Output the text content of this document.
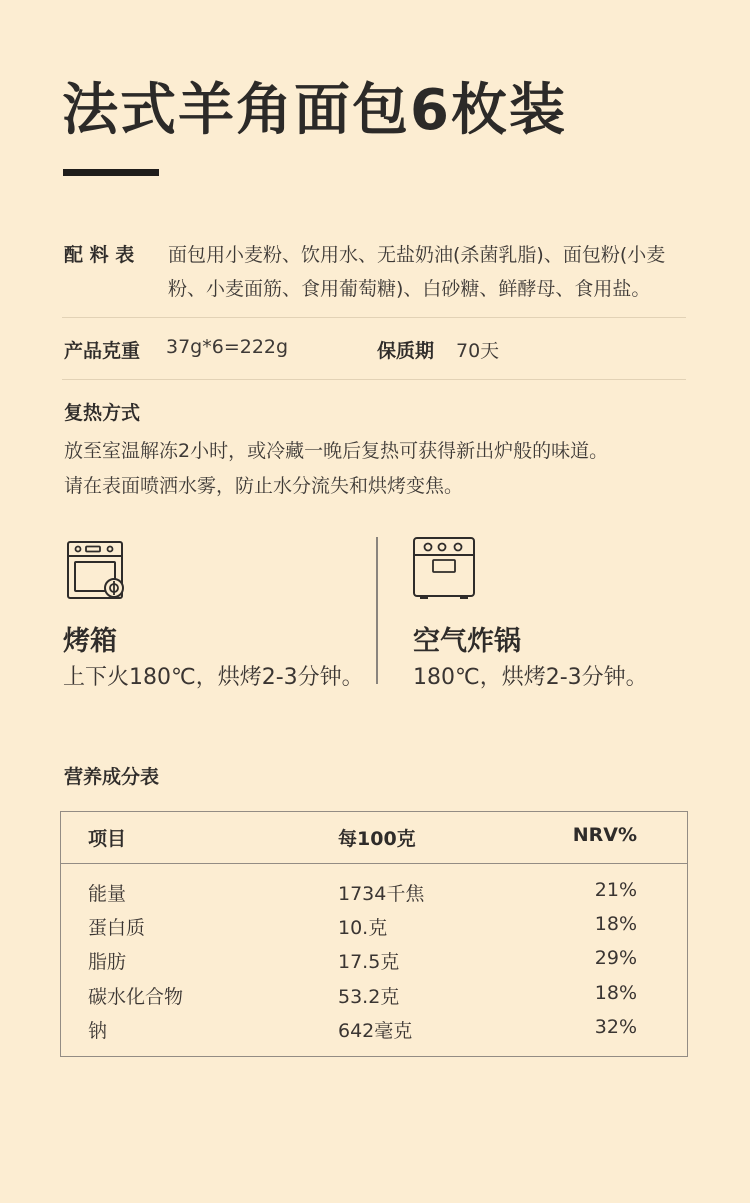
法式羊角面包6枚装
配 料 表 面包用小麦粉、饮用水、无盐奶油(杀菌乳脂)、面包粉(小麦
粉、小麦面筋、食用葡萄糖)、白砂糖、鲜酵母、食用盐。
产品克重 37g*6=222g	保质期 70天
复热方式
放至室温解冻2小时，或冷藏一晚后复热可获得新出炉般的味道。
请在表面喷洒水雾，防止水分流失和烘烤变焦。
烤箱
上下火180℃，烘烤2-3分钟。
空气炸锅
180℃，烘烤2-3分钟。
营养成分表
项目	每100克	NRV%
能量	1734千焦	21%
蛋白质	10.克	18%
脂肪	17.5克	29%
碳水化合物	53.2克	18%
钠	642毫克	32%
